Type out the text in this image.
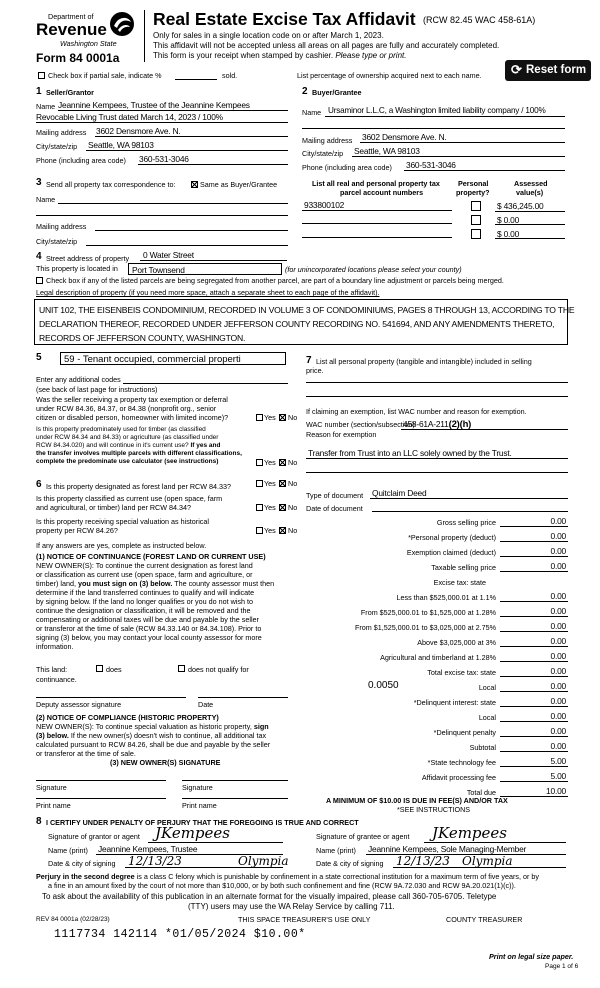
Department of
Revenue
Washington State
Form 84 0001a
Real Estate Excise Tax Affidavit (RCW 82.45 WAC 458-61A)
Only for sales in a single location code on or after March 1, 2023.
This affidavit will not be accepted unless all areas on all pages are fully and accurately completed.
This form is your receipt when stamped by cashier. Please type or print.
⟳ Reset form
Check box if partial sale, indicate %	sold.	List percentage of ownership acquired next to each name.
1 Seller/Grantor
Name Jeannine Kempees, Trustee of the Jeannine Kempees
Revocable Living Trust dated March 14, 2023 / 100%
Mailing address 3602 Densmore Ave. N.
City/state/zip Seattle, WA 98103
Phone (including area code) 360-531-3046
2 Buyer/Grantee
Name Ursaminor L.L.C, a Washington limited liability company / 100%
Mailing address 3602 Densmore Ave. N.
City/state/zip Seattle, WA 98103
Phone (including area code) 360-531-3046
3 Send all property tax correspondence to:	Same as Buyer/Grantee
Name
Mailing address
City/state/zip
List all real and personal property tax
parcel account numbers
Personal
property?
Assessed
value(s)
933800102	$ 436,245.00
$ 0.00
$ 0.00
4 Street address of property 0 Water Street
This property is located in Port Townsend	(for unincorporated locations please select your county)
Check box if any of the listed parcels are being segregated from another parcel, are part of a boundary line adjustment or parcels being merged.
Legal description of property (if you need more space, attach a separate sheet to each page of the affidavit).
UNIT 102, THE EISENBEIS CONDOMINIUM, RECORDED IN VOLUME 3 OF CONDOMINIUMS, PAGES 8 THROUGH 13, ACCORDING TO THE
DECLARATION THEREOF, RECORDED UNDER JEFFERSON COUNTY RECORDING NO. 541694, AND ANY AMENDMENTS THERETO,
RECORDS OF JEFFERSON COUNTY, WASHINGTON.
5 59 - Tenant occupied, commercial properti
Enter any additional codes
(see back of last page for instructions)
Was the seller receiving a property tax exemption or deferral
under RCW 84.36, 84.37, or 84.38 (nonprofit org., senior
citizen or disabled person, homeowner with limited income)?	Yes No
Is this property predominately used for timber (as classified
under RCW 84.34 and 84.33) or agriculture (as classified under
RCW 84.34.020) and will continue in it's current use? If yes and
the transfer involves multiple parcels with different classifications,
complete the predominate use calculator (see instructions)	Yes No
6 Is this property designated as forest land per RCW 84.33?	Yes No
Is this property classified as current use (open space, farm
and agricultural, or timber) land per RCW 84.34?	Yes No
Is this property receiving special valuation as historical
property per RCW 84.26?	Yes No
If any answers are yes, complete as instructed below.
(1) NOTICE OF CONTINUANCE (FOREST LAND OR CURRENT USE)
NEW OWNER(S): To continue the current designation as forest land
or classification as current use (open space, farm and agriculture, or
timber) land, you must sign on (3) below. The county assessor must then
determine if the land transferred continues to qualify and will indicate
by signing below. If the land no longer qualifies or you do not wish to
continue the designation or classification, it will be removed and the
compensating or additional taxes will be due and payable by the seller
or transferor at the time of sale (RCW 84.33.140 or 84.34.108). Prior to
signing (3) below, you may contact your local county assessor for more
information.
This land:	does	does not qualify for
continuance.
Deputy assessor signature	Date
(2) NOTICE OF COMPLIANCE (HISTORIC PROPERTY)
NEW OWNER(S): To continue special valuation as historic property, sign
(3) below. If the new owner(s) doesn't wish to continue, all additional tax
calculated pursuant to RCW 84.26, shall be due and payable by the seller
or transferor at the time of sale.
(3) NEW OWNER(S) SIGNATURE
Signature	Signature
Print name	Print name
7 List all personal property (tangible and intangible) included in selling
price.
If claiming an exemption, list WAC number and reason for exemption.
WAC number (section/subsection)
458-61A-211(2)(h)
Reason for exemption
Transfer from Trust into an LLC solely owned by the Trust.
Type of document Quitclaim Deed
Date of document
Gross selling price	0.00
*Personal property (deduct)	0.00
Exemption claimed (deduct)	0.00
Taxable selling price	0.00
Excise tax: state
Less than $525,000.01 at 1.1%	0.00
From $525,000.01 to $1,525,000 at 1.28%	0.00
From $1,525,000.01 to $3,025,000 at 2.75%	0.00
Above $3,025,000 at 3%	0.00
Agricultural and timberland at 1.28%	0.00
Total excise tax: state	0.00
0.0050	Local	0.00
*Delinquent interest: state	0.00
Local	0.00
*Delinquent penalty	0.00
Subtotal	0.00
*State technology fee	5.00
Affidavit processing fee	5.00
Total due	10.00
A MINIMUM OF $10.00 IS DUE IN FEE(S) AND/OR TAX
*SEE INSTRUCTIONS
8 I CERTIFY UNDER PENALTY OF PERJURY THAT THE FOREGOING IS TRUE AND CORRECT
Signature of grantor or agent JKempees
Name (print) Jeannine Kempees, Trustee
Date & city of signing 12/13/23	Olympia
Signature of grantee or agent JKempees
Name (print) Jeannine Kempees, Sole Managing-Member
Date & city of signing 12/13/23 Olympia
Perjury in the second degree is a class C felony which is punishable by confinement in a state correctional institution for a maximum term of five years, or by
a fine in an amount fixed by the court of not more than $10,000, or by both such confinement and fine (RCW 9A.72.030 and RCW 9A.20.021(1)(c)).
To ask about the availability of this publication in an alternate format for the visually impaired, please call 360-705-6705. Teletype
(TTY) users may use the WA Relay Service by calling 711.
REV 84 0001a (02/28/23)	THIS SPACE TREASURER'S USE ONLY	COUNTY TREASURER
1117734 142114 *01/05/2024 $10.00*
Print on legal size paper.
Page 1 of 6
